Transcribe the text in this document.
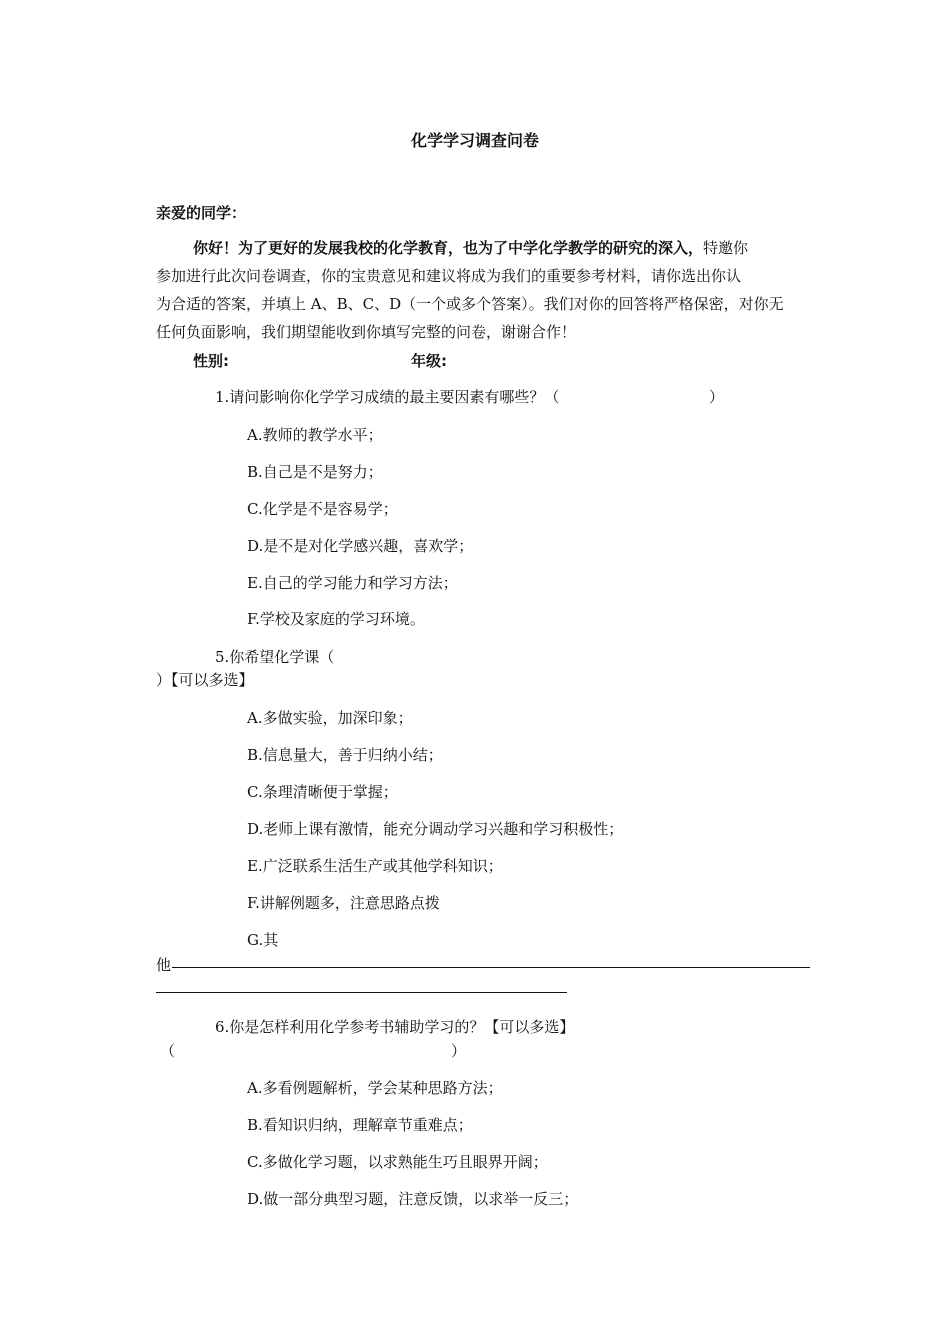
化学学习调查问卷
亲爱的同学：
你好！为了更好的发展我校的化学教育，也为了中学化学教学的研究的深入，特邀你
参加进行此次问卷调查，你的宝贵意见和建议将成为我们的重要参考材料，请你选出你认
为合适的答案，并填上 A、B、C、D（一个或多个答案）。我们对你的回答将严格保密，对你无
任何负面影响，我们期望能收到你填写完整的问卷，谢谢合作！
性别:	年级:
1.请问影响你化学学习成绩的最主要因素有哪些？（	）
A.教师的教学水平；
B.自己是不是努力；
C.化学是不是容易学；
D.是不是对化学感兴趣，喜欢学；
E.自己的学习能力和学习方法；
F.学校及家庭的学习环境。
5.你希望化学课（
）【可以多选】
A.多做实验，加深印象；
B.信息量大，善于归纳小结；
C.条理清晰便于掌握；
D.老师上课有激情，能充分调动学习兴趣和学习积极性；
E.广泛联系生活生产或其他学科知识；
F.讲解例题多，注意思路点拨
G.其
他
6.你是怎样利用化学参考书辅助学习的？【可以多选】
（	）
A.多看例题解析，学会某种思路方法；
B.看知识归纳，理解章节重难点；
C.多做化学习题，以求熟能生巧且眼界开阔；
D.做一部分典型习题，注意反馈，以求举一反三；
